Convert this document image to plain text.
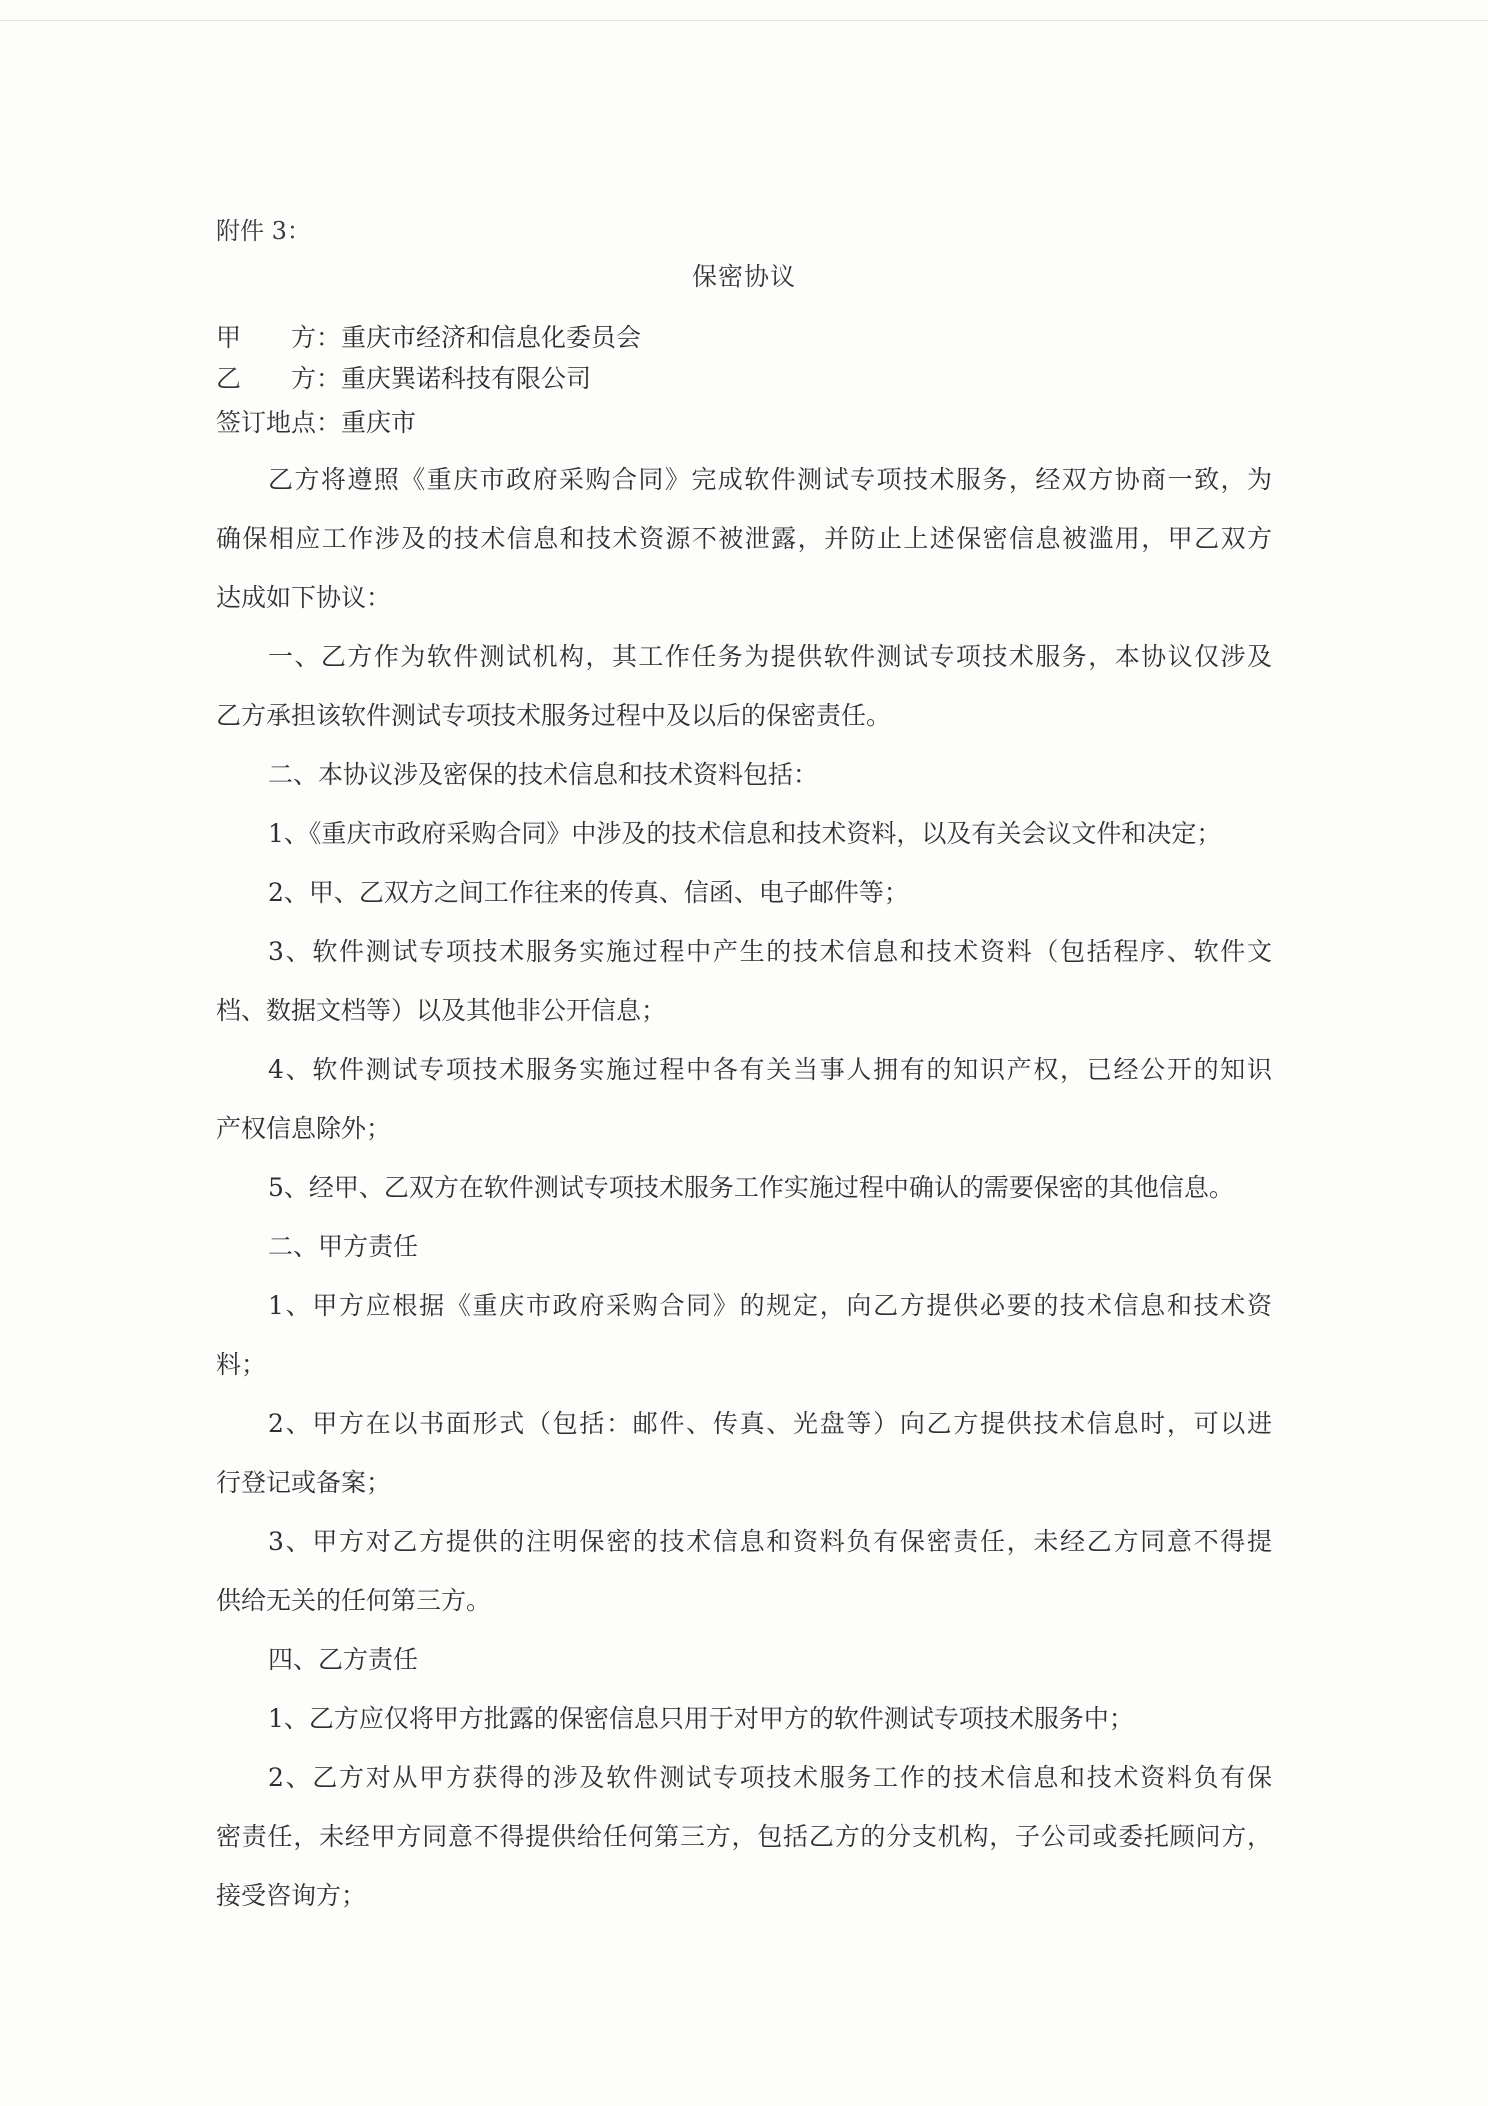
附件 3：
保密协议
甲　　方：重庆市经济和信息化委员会
乙　　方：重庆巽诺科技有限公司
签订地点：重庆市
乙方将遵照《重庆市政府采购合同》完成软件测试专项技术服务，经双方协商一致，为
确保相应工作涉及的技术信息和技术资源不被泄露，并防止上述保密信息被滥用，甲乙双方
达成如下协议：
一、乙方作为软件测试机构，其工作任务为提供软件测试专项技术服务，本协议仅涉及
乙方承担该软件测试专项技术服务过程中及以后的保密责任。
二、本协议涉及密保的技术信息和技术资料包括：
1、《重庆市政府采购合同》中涉及的技术信息和技术资料，以及有关会议文件和决定；
2、甲、乙双方之间工作往来的传真、信函、电子邮件等；
3、软件测试专项技术服务实施过程中产生的技术信息和技术资料（包括程序、软件文
档、数据文档等）以及其他非公开信息；
4、软件测试专项技术服务实施过程中各有关当事人拥有的知识产权，已经公开的知识
产权信息除外；
5、经甲、乙双方在软件测试专项技术服务工作实施过程中确认的需要保密的其他信息。
二、甲方责任
1、甲方应根据《重庆市政府采购合同》的规定，向乙方提供必要的技术信息和技术资
料；
2、甲方在以书面形式（包括：邮件、传真、光盘等）向乙方提供技术信息时，可以进
行登记或备案；
3、甲方对乙方提供的注明保密的技术信息和资料负有保密责任，未经乙方同意不得提
供给无关的任何第三方。
四、乙方责任
1、乙方应仅将甲方批露的保密信息只用于对甲方的软件测试专项技术服务中；
2、乙方对从甲方获得的涉及软件测试专项技术服务工作的技术信息和技术资料负有保
密责任，未经甲方同意不得提供给任何第三方，包括乙方的分支机构，子公司或委托顾问方，
接受咨询方；
